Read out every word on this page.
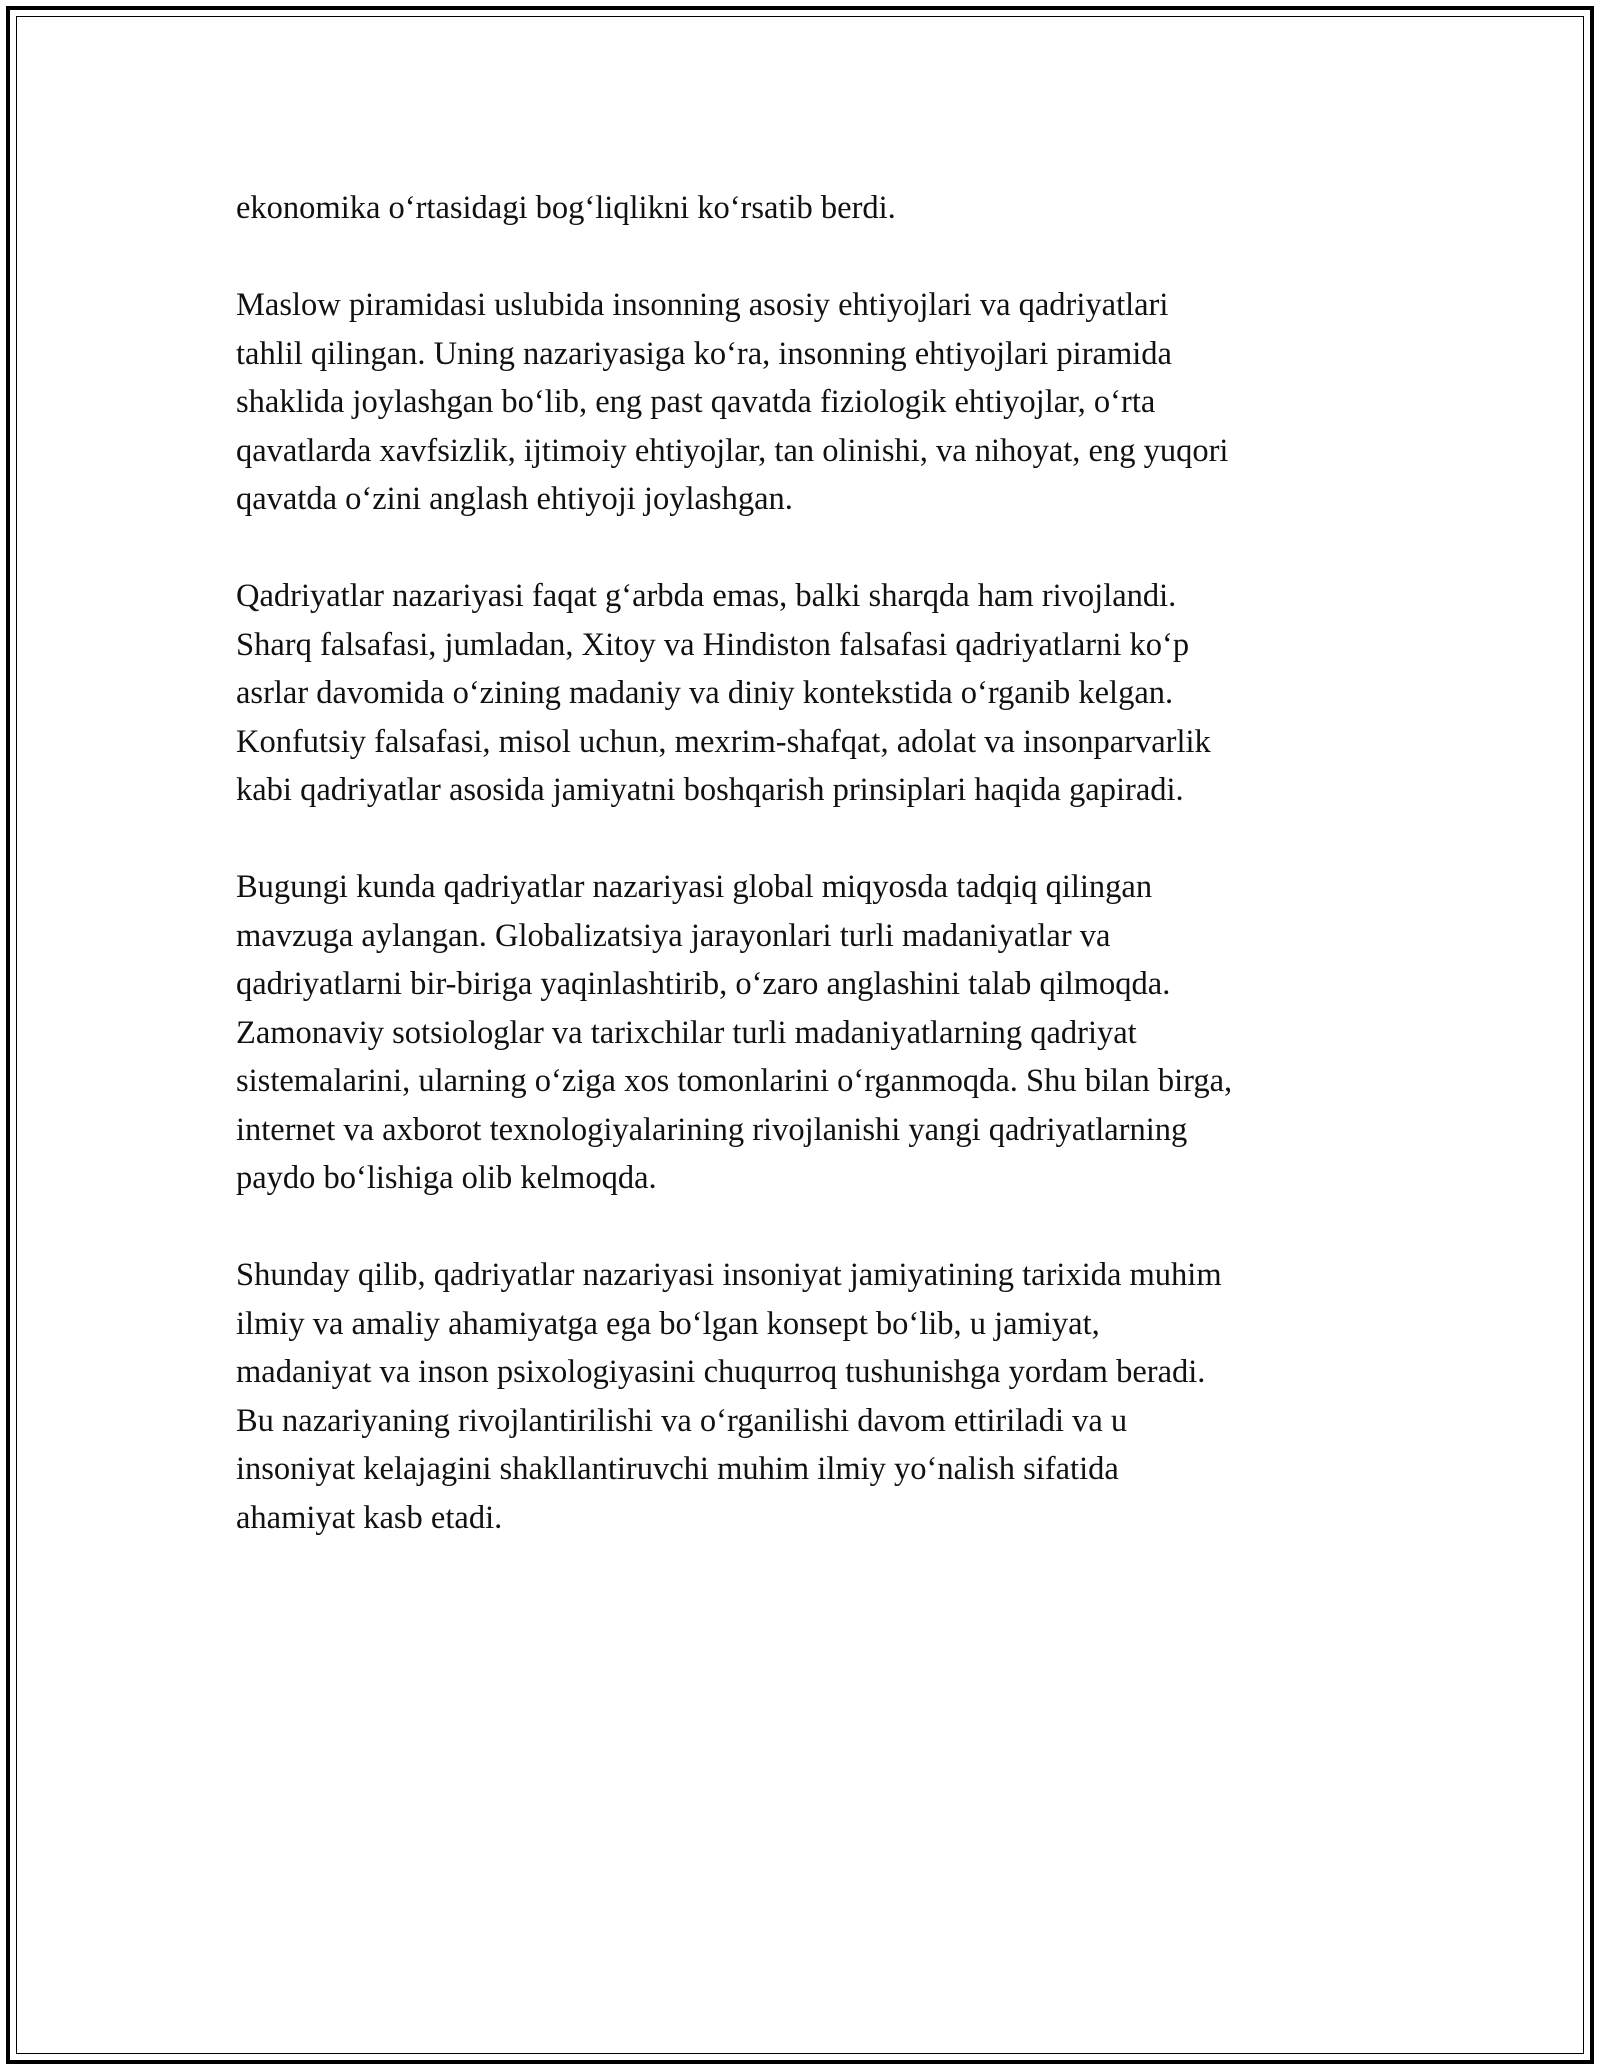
ekonomika o‘rtasidagi bog‘liqlikni ko‘rsatib berdi.

Maslow piramidasi uslubida insonning asosiy ehtiyojlari va qadriyatlari
tahlil qilingan. Uning nazariyasiga ko‘ra, insonning ehtiyojlari piramida
shaklida joylashgan bo‘lib, eng past qavatda fiziologik ehtiyojlar, o‘rta
qavatlarda xavfsizlik, ijtimoiy ehtiyojlar, tan olinishi, va nihoyat, eng yuqori
qavatda o‘zini anglash ehtiyoji joylashgan.

Qadriyatlar nazariyasi faqat g‘arbda emas, balki sharqda ham rivojlandi.
Sharq falsafasi, jumladan, Xitoy va Hindiston falsafasi qadriyatlarni ko‘p
asrlar davomida o‘zining madaniy va diniy kontekstida o‘rganib kelgan.
Konfutsiy falsafasi, misol uchun, mexrim-shafqat, adolat va insonparvarlik
kabi qadriyatlar asosida jamiyatni boshqarish prinsiplari haqida gapiradi.

Bugungi kunda qadriyatlar nazariyasi global miqyosda tadqiq qilingan
mavzuga aylangan. Globalizatsiya jarayonlari turli madaniyatlar va
qadriyatlarni bir-biriga yaqinlashtirib, o‘zaro anglashini talab qilmoqda.
Zamonaviy sotsiologlar va tarixchilar turli madaniyatlarning qadriyat
sistemalarini, ularning o‘ziga xos tomonlarini o‘rganmoqda. Shu bilan birga,
internet va axborot texnologiyalarining rivojlanishi yangi qadriyatlarning
paydo bo‘lishiga olib kelmoqda.

Shunday qilib, qadriyatlar nazariyasi insoniyat jamiyatining tarixida muhim
ilmiy va amaliy ahamiyatga ega bo‘lgan konsept bo‘lib, u jamiyat,
madaniyat va inson psixologiyasini chuqurroq tushunishga yordam beradi.
Bu nazariyaning rivojlantirilishi va o‘rganilishi davom ettiriladi va u
insoniyat kelajagini shakllantiruvchi muhim ilmiy yo‘nalish sifatida
ahamiyat kasb etadi.
